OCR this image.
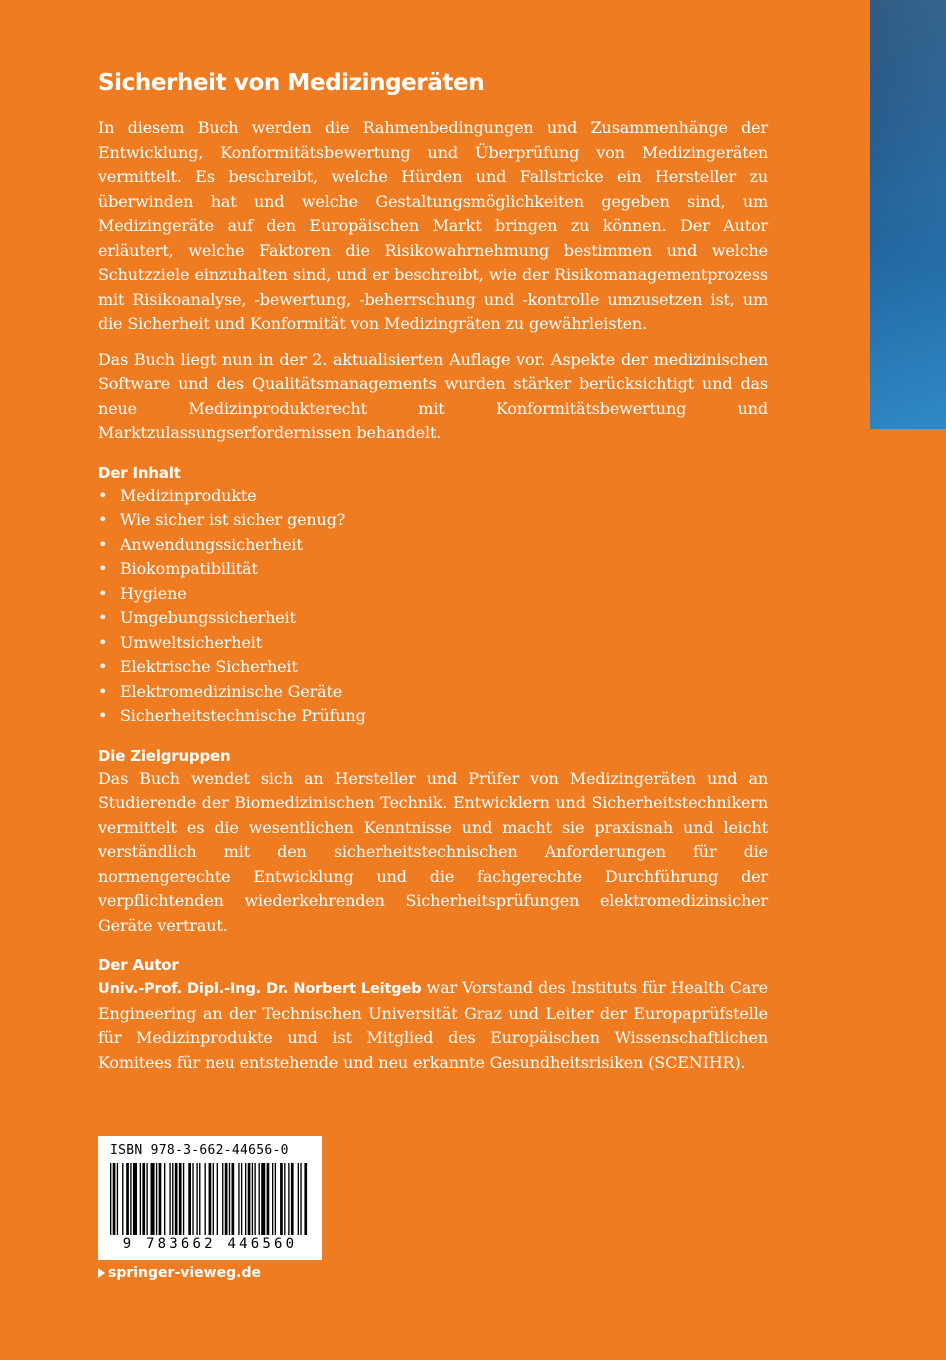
Sicherheit von Medizingeräten

In diesem Buch werden die Rahmenbedingungen und Zusammenhänge der Entwicklung, Konformitätsbewertung und Überprüfung von Medizingeräten vermittelt. Es beschreibt, welche Hürden und Fallstricke ein Hersteller zu überwinden hat und welche Gestaltungsmöglichkeiten gegeben sind, um Medizingeräte auf den Europäischen Markt bringen zu können. Der Autor erläutert, welche Faktoren die Risikowahrnehmung bestimmen und welche Schutzziele einzuhalten sind, und er beschreibt, wie der Risikomanagementprozess mit Risikoanalyse, -bewertung, -beherrschung und -kontrolle umzusetzen ist, um die Sicherheit und Konformität von Medizingräten zu gewährleisten.

Das Buch liegt nun in der 2. aktualisierten Auflage vor. Aspekte der medizinischen Software und des Qualitätsmanagements wurden stärker berücksichtigt und das neue Medizinprodukterecht mit Konformitätsbewertung und Marktzulassungserfordernissen behandelt.

Der Inhalt
• Medizinprodukte
• Wie sicher ist sicher genug?
• Anwendungssicherheit
• Biokompatibilität
• Hygiene
• Umgebungssicherheit
• Umweltsicherheit
• Elektrische Sicherheit
• Elektromedizinische Geräte
• Sicherheitstechnische Prüfung
Die Zielgruppen

Das Buch wendet sich an Hersteller und Prüfer von Medizingeräten und an Studierende der Biomedizinischen Technik. Entwicklern und Sicherheitstechnikern vermittelt es die wesentlichen Kenntnisse und macht sie praxisnah und leicht verständlich mit den sicherheitstechnischen Anforderungen für die normengerechte Entwicklung und die fachgerechte Durchführung der verpflichtenden wiederkehrenden Sicherheitsprüfungen elektromedizinsicher Geräte vertraut.

Der Autor

Univ.-Prof. Dipl.-Ing. Dr. Norbert Leitgeb war Vorstand des Instituts für Health Care Engineering an der Technischen Universität Graz und Leiter der Europaprüfstelle für Medizinprodukte und ist Mitglied des Europäischen Wissenschaftlichen Komitees für neu entstehende und neu erkannte Gesundheitsrisiken (SCENIHR).

ISBN 978-3-662-44656-0
9 783662 446560
springer-vieweg.de
